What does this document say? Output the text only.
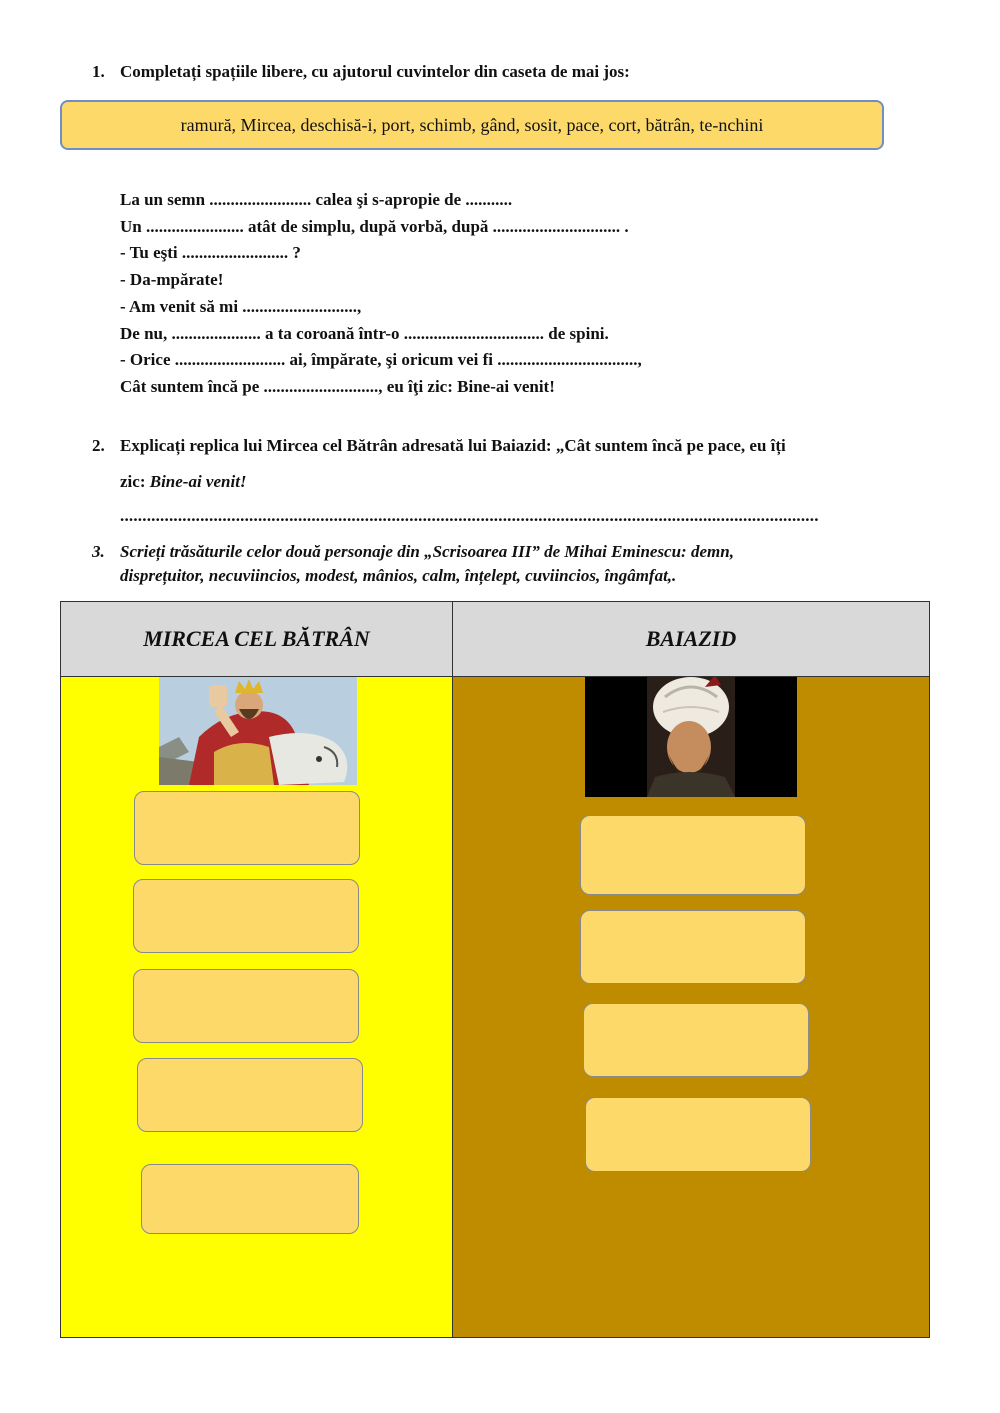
1. Completați spațiile libere, cu ajutorul cuvintelor din caseta de mai jos:
ramură, Mircea, deschisă-i, port, schimb, gând, sosit, pace, cort, bătrân, te-nchini
La un semn ........................ calea şi s-apropie de ...........
Un ....................... atât de simplu, după vorbă, după .............................. .
- Tu eşti ......................... ?
- Da-mpărate!
- Am venit să mi ...........................,
De nu, ..................... a ta coroană într-o ................................. de spini.
- Orice .......................... ai, împărate, şi oricum vei fi .................................,
Cât suntem încă pe ..........................., eu îţi zic: Bine-ai venit!
2. Explicați replica lui Mircea cel Bătrân adresată lui Baiazid: „Cât suntem încă pe pace, eu îți
zic: Bine-ai venit!
.............................................................................................................................................................
3. Scrieți trăsăturile celor două personaje din „Scrisoarea III” de Mihai Eminescu: demn,
disprețuitor, necuviincios, modest, mânios, calm, înțelept, cuviincios, îngâmfat,.
MIRCEA CEL BĂTRÂN	BAIAZID
